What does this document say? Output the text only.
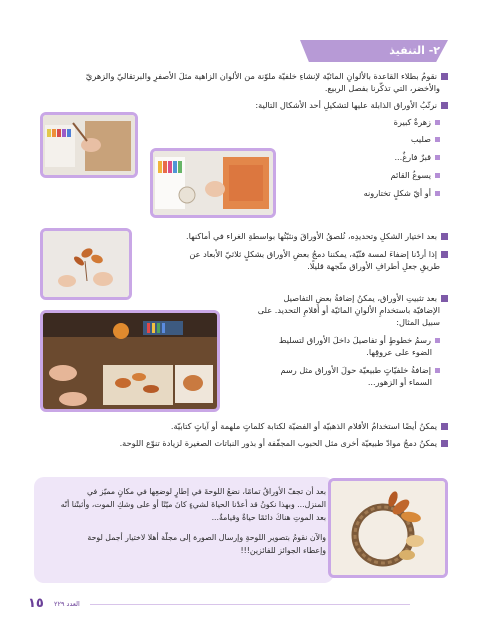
٢- التنفيذ
نقومُ بطلاء القاعدة بالألوانِ المائيّة لإنشاءِ خلفيّة ملوّنة من الألوان الزاهية مثلَ الأصفرِ والبرتقاليّ والزهريّ
والأخضر، التي تذكّرنا بفصل الربيع.
نرتّبُ الأوراق الذابلة عليها لتشكيلِ أحد الأشكال التالية:
زهرةٌ كبيرة
صليب
قبرٌ فارغٌ...
يسوعُ القائم
أو أيّ شكلٍ تختارونه
بعد اختيار الشكلِ وتحديدِه، نُلصقُ الأوراقَ ونثبّتُها بواسطةِ الغراء في أماكنها.
إذا أردْنا إضفاءَ لمسة فنّيّة، يمكننا دمجُ بعضِ الأوراق بشكلٍ ثلاثيّ الأبعاد عن
طريقِ جعلِ أطرافِ الأوراق متّجهة قليلًا.
بعد تثبيتِ الأوراق، يمكنُ إضافةُ بعضِ التفاصيل
الإضافيّة باستخدامِ الألوانِ المائيّة أو أقلامِ التحديد. على
سبيل المثال:
رسمُ خطوطٍ أو تفاصيلَ داخلَ الأوراق لتسليط
الضوء على عروقِها.
إضافةُ خلفيّاتٍ طبيعيّة حولَ الأوراق مثل رسم
السماء أو الزهور...
يمكنُ أيضًا استخدامُ الأقلام الذهبيّة أو الفضيّة لكتابة كلماتٍ ملهمة أو آياتٍ كتابيّة.
يمكنُ دمجُ موادّ طبيعيّة أخرى مثل الحبوب المجفّفة أو بذور النباتات الصغيرة لزيادة تنوّع اللوحة.
بعد أن تجفّ الأوراقُ تمامًا، نضعُ اللوحةَ في إطارٍ لوضعِها في مكانٍ مميّز في
المنزل... وبهذا نكونُ قد أعدْنا الحياةَ لشيءٍ كانَ ميّتًا أو على وشكِ الموت، وأثبتْنا أنّه
بعد الموتِ هناكَ دائمًا حياةٌ وقيامةٌ...
والآن نقومُ بتصوير اللوحةِ وإرسال الصورة إلى مجلّة أهلا لاختيار أجمل لوحة
وإعطاء الجوائز للفائزين!!!
١٥ العدد ٢٢٩
